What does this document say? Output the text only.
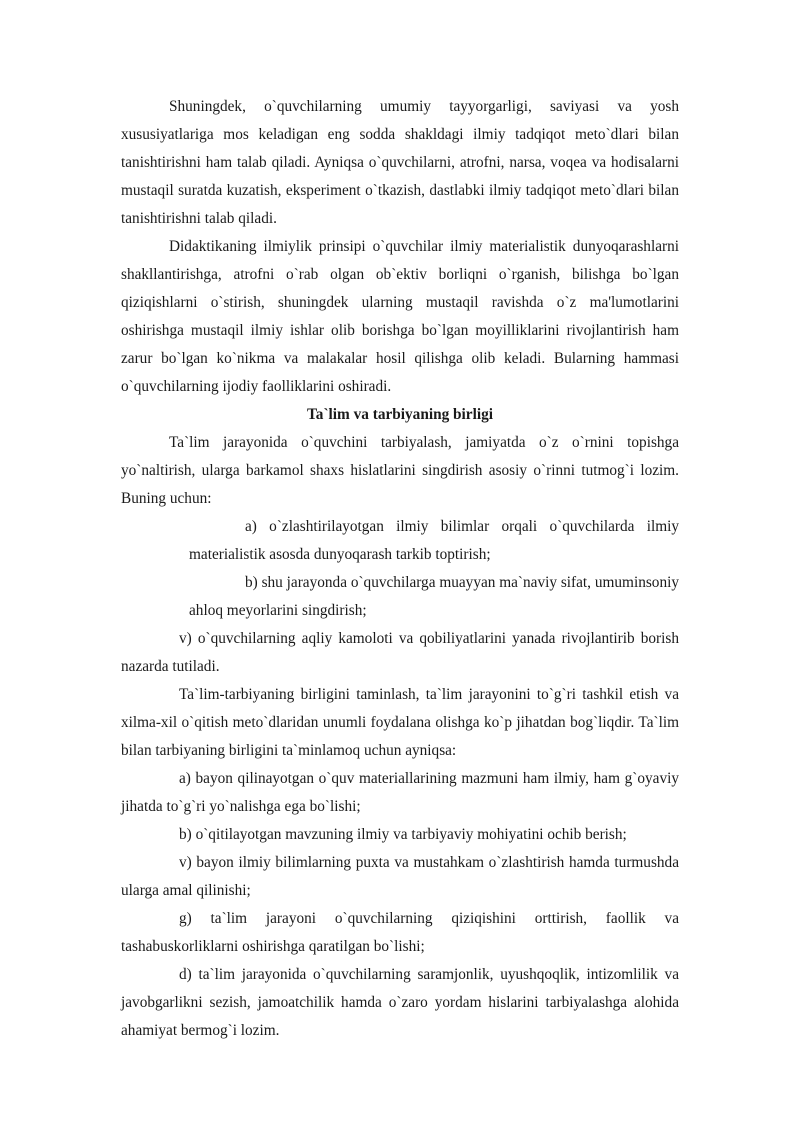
Shuningdek, o`quvchilarning umumiy tayyorgarligi, saviyasi va yosh xususiyatlariga mos keladigan eng sodda shakldagi ilmiy tadqiqot meto`dlari bilan tanishtirishni ham talab qiladi. Ayniqsa o`quvchilarni, atrofni, narsa, voqea va hodisalarni mustaqil suratda kuzatish, eksperiment o`tkazish, dastlabki ilmiy tadqiqot meto`dlari bilan tanishtirishni talab qiladi.

Didaktikaning ilmiylik prinsipi o`quvchilar ilmiy materialistik dunyoqarashlarni shakllantirishga, atrofni o`rab olgan ob`ektiv borliqni o`rganish, bilishga bo`lgan qiziqishlarni o`stirish, shuningdek ularning mustaqil ravishda o`z ma'lumotlarini oshirishga mustaqil ilmiy ishlar olib borishga bo`lgan moyilliklarini rivojlantirish ham zarur bo`lgan ko`nikma va malakalar hosil qilishga olib keladi. Bularning hammasi o`quvchilarning ijodiy faolliklarini oshiradi.

Ta`lim va tarbiyaning birligi

Ta`lim jarayonida o`quvchini tarbiyalash, jamiyatda o`z o`rnini topishga yo`naltirish, ularga barkamol shaxs hislatlarini singdirish asosiy o`rinni tutmog`i lozim. Buning uchun:

a) o`zlashtirilayotgan ilmiy bilimlar orqali o`quvchilarda ilmiy materialistik asosda dunyoqarash tarkib toptirish;

b) shu jarayonda o`quvchilarga muayyan ma`naviy sifat, umuminsoniy ahloq meyorlarini singdirish;

v) o`quvchilarning aqliy kamoloti va qobiliyatlarini yanada rivojlantirib borish nazarda tutiladi.

Ta`lim-tarbiyaning birligini taminlash, ta`lim jarayonini to`g`ri tashkil etish va xilma-xil o`qitish meto`dlaridan unumli foydalana olishga ko`p jihatdan bog`liqdir. Ta`lim bilan tarbiyaning birligini ta`minlamoq uchun ayniqsa:

a) bayon qilinayotgan o`quv materiallarining mazmuni ham ilmiy, ham g`oyaviy jihatda to`g`ri yo`nalishga ega bo`lishi;

b) o`qitilayotgan mavzuning ilmiy va tarbiyaviy mohiyatini ochib berish;

v) bayon ilmiy bilimlarning puxta va mustahkam o`zlashtirish hamda turmushda ularga amal qilinishi;

g) ta`lim jarayoni o`quvchilarning qiziqishini orttirish, faollik va tashabuskorliklarni oshirishga qaratilgan bo`lishi;

d) ta`lim jarayonida o`quvchilarning saramjonlik, uyushqoqlik, intizomlilik va javobgarlikni sezish, jamoatchilik hamda o`zaro yordam hislarini tarbiyalashga alohida ahamiyat bermog`i lozim.
